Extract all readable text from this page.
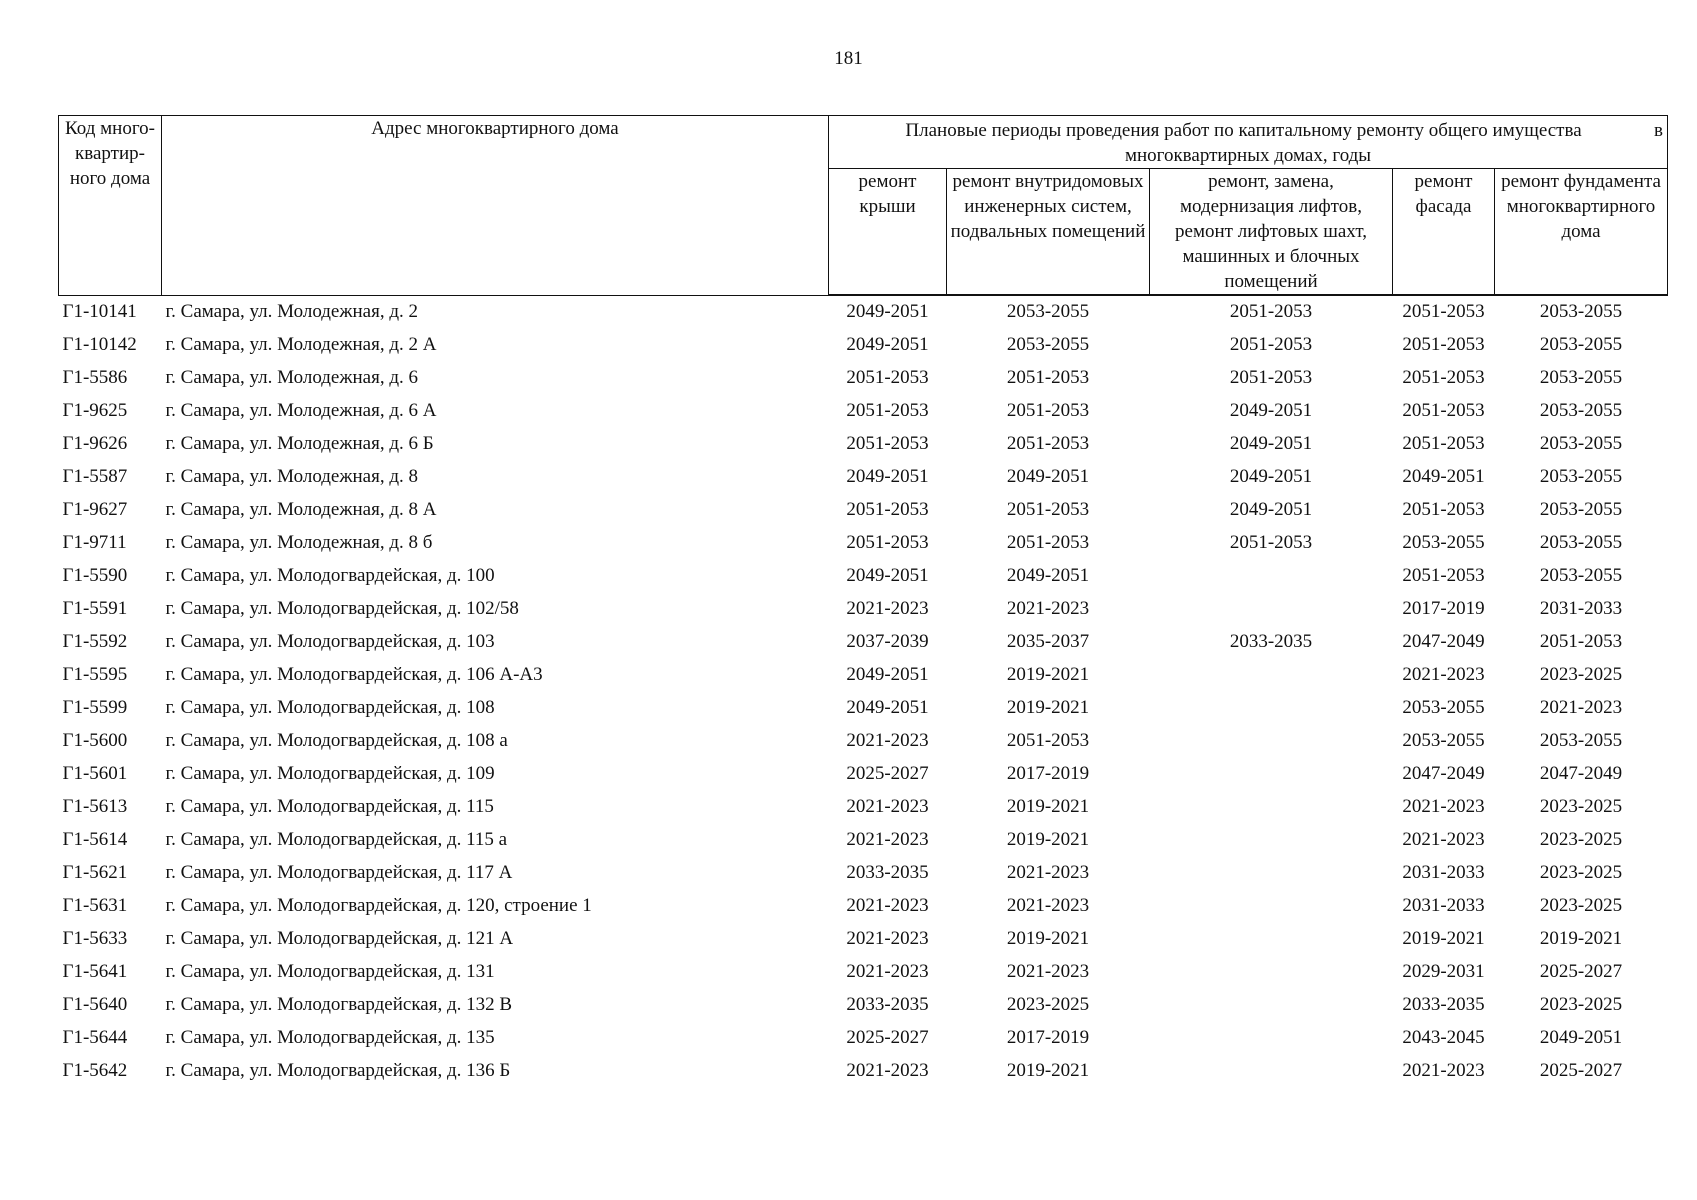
181
Код много-квартир-ного дома	Адрес многоквартирного дома	Плановые периоды проведения работ по капитальному ремонту общего имущества в
многоквартирных домах, годы				

		ремонт крыши	ремонт внутридомовых инженерных систем, подвальных помещений	ремонт, замена, модернизация лифтов, ремонт лифтовых шахт, машинных и блочных помещений	ремонт фасада	ремонт фундамента многоквартирного дома
Г1-10141	г. Самара, ул. Молодежная, д. 2	2049-2051	2053-2055	2051-2053	2051-2053	2053-2055
Г1-10142	г. Самара, ул. Молодежная, д. 2 А	2049-2051	2053-2055	2051-2053	2051-2053	2053-2055
Г1-5586	г. Самара, ул. Молодежная, д. 6	2051-2053	2051-2053	2051-2053	2051-2053	2053-2055
Г1-9625	г. Самара, ул. Молодежная, д. 6 А	2051-2053	2051-2053	2049-2051	2051-2053	2053-2055
Г1-9626	г. Самара, ул. Молодежная, д. 6 Б	2051-2053	2051-2053	2049-2051	2051-2053	2053-2055
Г1-5587	г. Самара, ул. Молодежная, д. 8	2049-2051	2049-2051	2049-2051	2049-2051	2053-2055
Г1-9627	г. Самара, ул. Молодежная, д. 8 А	2051-2053	2051-2053	2049-2051	2051-2053	2053-2055
Г1-9711	г. Самара, ул. Молодежная, д. 8 б	2051-2053	2051-2053	2051-2053	2053-2055	2053-2055
Г1-5590	г. Самара, ул. Молодогвардейская, д. 100	2049-2051	2049-2051		2051-2053	2053-2055
Г1-5591	г. Самара, ул. Молодогвардейская, д. 102/58	2021-2023	2021-2023		2017-2019	2031-2033
Г1-5592	г. Самара, ул. Молодогвардейская, д. 103	2037-2039	2035-2037	2033-2035	2047-2049	2051-2053
Г1-5595	г. Самара, ул. Молодогвардейская, д. 106 А-А3	2049-2051	2019-2021		2021-2023	2023-2025
Г1-5599	г. Самара, ул. Молодогвардейская, д. 108	2049-2051	2019-2021		2053-2055	2021-2023
Г1-5600	г. Самара, ул. Молодогвардейская, д. 108 а	2021-2023	2051-2053		2053-2055	2053-2055
Г1-5601	г. Самара, ул. Молодогвардейская, д. 109	2025-2027	2017-2019		2047-2049	2047-2049
Г1-5613	г. Самара, ул. Молодогвардейская, д. 115	2021-2023	2019-2021		2021-2023	2023-2025
Г1-5614	г. Самара, ул. Молодогвардейская, д. 115 а	2021-2023	2019-2021		2021-2023	2023-2025
Г1-5621	г. Самара, ул. Молодогвардейская, д. 117 А	2033-2035	2021-2023		2031-2033	2023-2025
Г1-5631	г. Самара, ул. Молодогвардейская, д. 120, строение 1	2021-2023	2021-2023		2031-2033	2023-2025
Г1-5633	г. Самара, ул. Молодогвардейская, д. 121 А	2021-2023	2019-2021		2019-2021	2019-2021
Г1-5641	г. Самара, ул. Молодогвардейская, д. 131	2021-2023	2021-2023		2029-2031	2025-2027
Г1-5640	г. Самара, ул. Молодогвардейская, д. 132 В	2033-2035	2023-2025		2033-2035	2023-2025
Г1-5644	г. Самара, ул. Молодогвардейская, д. 135	2025-2027	2017-2019		2043-2045	2049-2051
Г1-5642	г. Самара, ул. Молодогвардейская, д. 136 Б	2021-2023	2019-2021		2021-2023	2025-2027
